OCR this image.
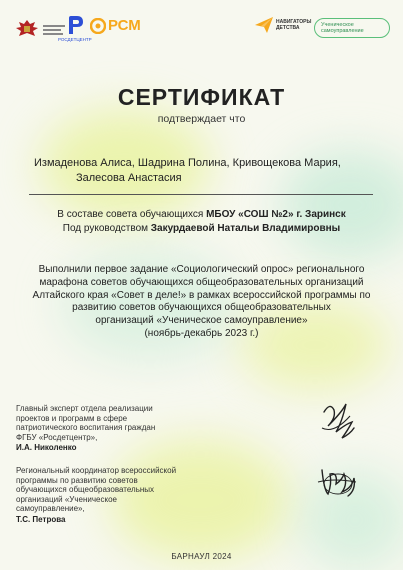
РОСДЕТЦЕНТР
РСМ	НАВИГАТОРЫ ДЕТСТВА
Ученическое самоуправление
СЕРТИФИКАТ
подтверждает что
Измаденова Алиса, Шадрина Полина, Кривощекова Мария,
Залесова Анастасия
В составе совета обучающихся МБОУ «СОШ №2» г. Заринск
Под руководством Закурдаевой Натальи Владимировны
Выполнили первое задание «Социологический опрос» регионального
марафона советов обучающихся общеобразовательных организаций
Алтайского края «Совет в деле!» в рамках всероссийской программы по
развитию советов обучающихся общеобразовательных
организаций «Ученическое самоуправление»
(ноябрь-декабрь 2023 г.)
Главный эксперт отдела реализации
проектов и программ в сфере
патриотического воспитания граждан
ФГБУ «Росдетцентр»,
И.А. Николенко
Региональный координатор всероссийской
программы по развитию советов
обучающихся общеобразовательных
организаций «Ученическое
самоуправление»,
Т.С. Петрова
БАРНАУЛ 2024
